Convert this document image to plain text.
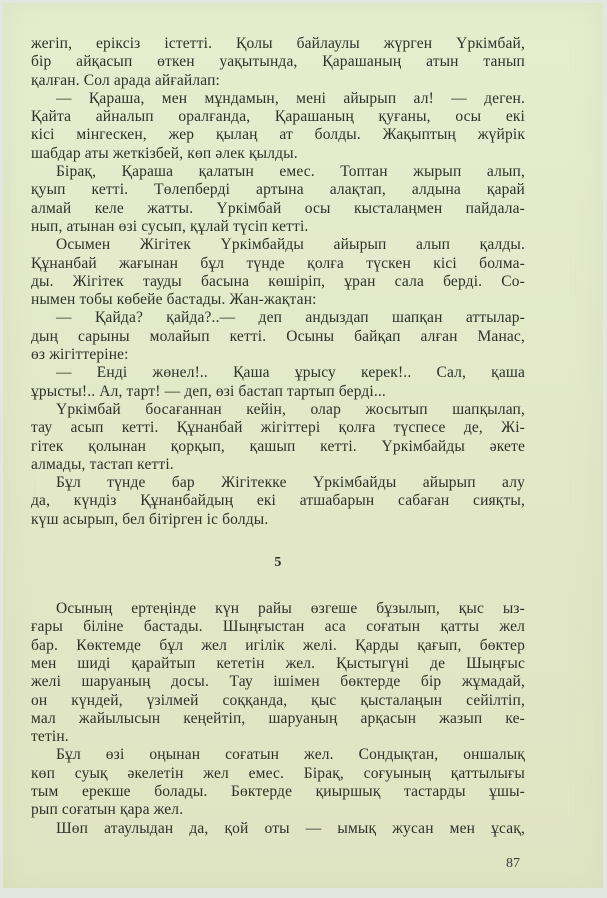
жегіп, еріксіз істетті. Қолы байлаулы жүрген Үркімбай,
бір айқасып өткен уақытында, Қарашаның атын танып
қалған. Сол арада айғайлап:
— Қараша, мен мұндамын, мені айырып ал! — деген.
Қайта айналып оралғанда, Қарашаның қуғаны, осы екі
кісі мінгескен, жер қылаң ат болды. Жақыптың жүйрік
шабдар аты жеткізбей, көп әлек қылды.
Бірақ, Қараша қалатын емес. Топтан жырып алып,
қуып кетті. Төлепберді артына алақтап, алдына қарай
алмай келе жатты. Үркімбай осы кысталаңмен пайдала-
нып, атынан өзі сусып, құлай түсіп кетті.
Осымен Жігітек Үркімбайды айырып алып қалды.
Құнанбай жағынан бұл түнде қолға түскен кісі болма-
ды. Жігітек тауды басына көшіріп, ұран сала берді. Со-
нымен тобы көбейе бастады. Жан-жақтан:
— Қайда? қайда?..— деп андыздап шапқан аттылар-
дың сарыны молайып кетті. Осыны байқап алған Манас,
өз жігіттеріне:
— Енді жөнел!.. Қаша ұрысу керек!.. Сал, қаша
ұрысты!.. Ал, тарт! — деп, өзі бастап тартып берді...
Үркімбай босағаннан кейін, олар жосытып шапқылап,
тау асып кетті. Құнанбай жігіттері қолға түспесе де, Жі-
гітек қолынан қорқып, қашып кетті. Үркімбайды әкете
алмады, тастап кетті.
Бұл түнде бар Жігітекке Үркімбайды айырып алу
да, күндіз Құнанбайдың екі атшабарын сабаған сияқты,
күш асырып, бел бітірген іс болды.
5
Осының ертеңінде күн райы өзгеше бұзылып, қыс ыз-
ғары біліне бастады. Шыңғыстан аса соғатын қатты жел
бар. Көктемде бұл жел игілік желі. Қарды қағып, бөктер
мен шиді қарайтып кететін жел. Қыстыгүні де Шыңғыс
желі шаруаның досы. Тау ішімен бөктерде бір жұмадай,
он күндей, үзілмей соққанда, қыс қысталаңын сейілтіп,
мал жайылысын кеңейтіп, шаруаның арқасын жазып ке-
тетін.
Бұл өзі оңынан соғатын жел. Сондықтан, оншалық
көп суық әкелетін жел емес. Бірақ, соғуының қаттылығы
тым ерекше болады. Бөктерде қиыршық тастарды ұшы-
рып соғатын қара жел.
Шөп атаулыдан да, қой оты — ымық жусан мен ұсақ,
87
